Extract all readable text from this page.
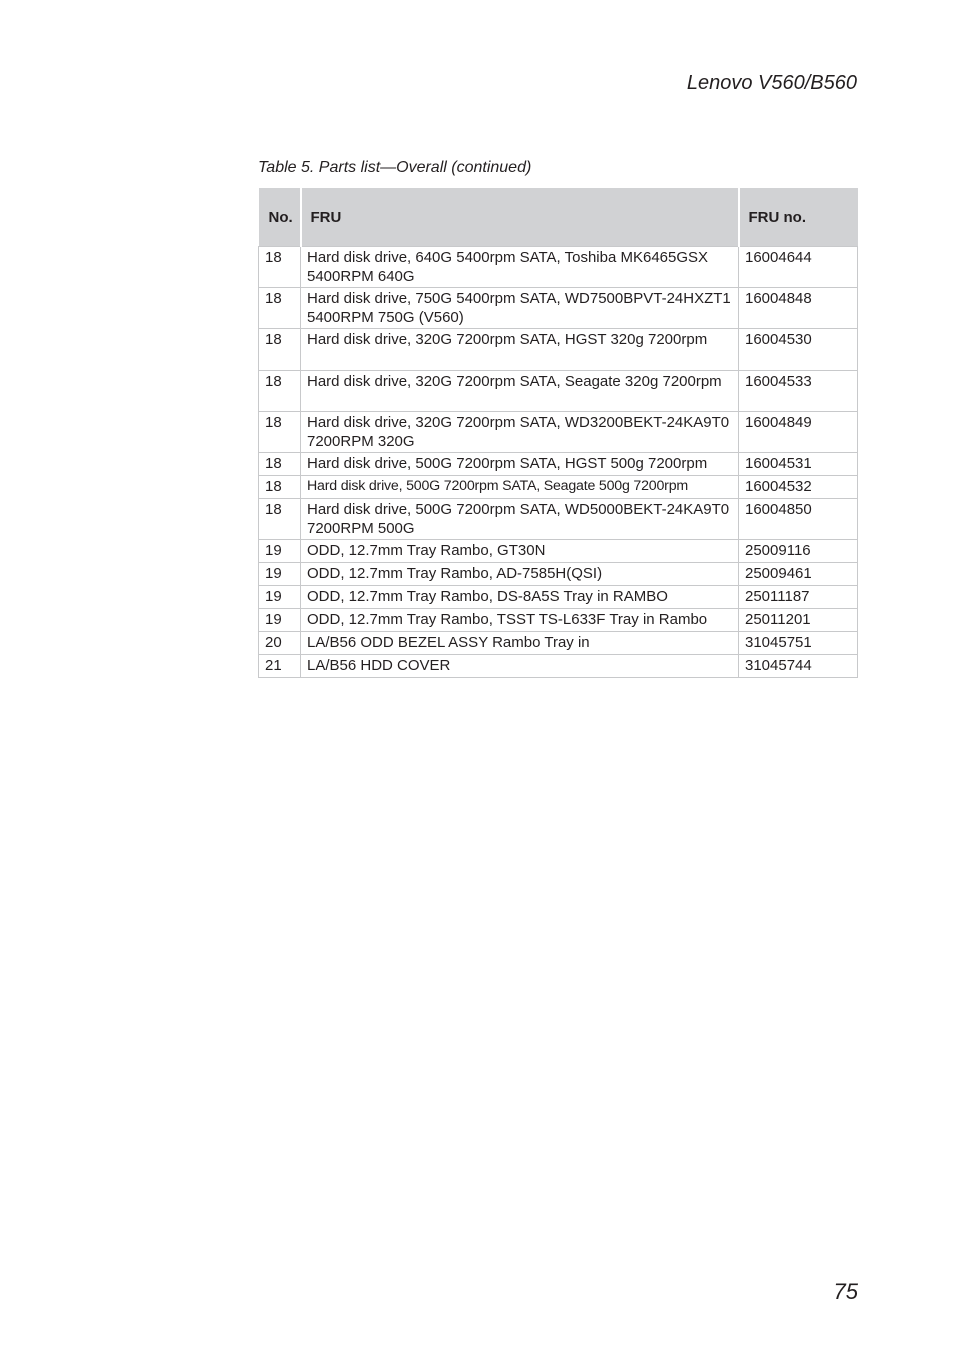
Lenovo V560/B560
Table 5. Parts list—Overall (continued)
No.	FRU	FRU no.
18	Hard disk drive, 640G 5400rpm SATA, Toshiba MK6465GSX 5400RPM 640G	16004644
18	Hard disk drive, 750G 5400rpm SATA, WD7500BPVT-24HXZT1 5400RPM 750G (V560)	16004848
18	Hard disk drive, 320G 7200rpm SATA, HGST 320g 7200rpm	16004530
18	Hard disk drive, 320G 7200rpm SATA, Seagate 320g 7200rpm	16004533
18	Hard disk drive, 320G 7200rpm SATA, WD3200BEKT-24KA9T0 7200RPM 320G	16004849
18	Hard disk drive, 500G 7200rpm SATA, HGST 500g 7200rpm	16004531
18	Hard disk drive, 500G 7200rpm SATA, Seagate 500g 7200rpm	16004532
18	Hard disk drive, 500G 7200rpm SATA, WD5000BEKT-24KA9T0 7200RPM 500G	16004850
19	ODD, 12.7mm Tray Rambo, GT30N	25009116
19	ODD, 12.7mm Tray Rambo, AD-7585H(QSI)	25009461
19	ODD, 12.7mm Tray Rambo, DS-8A5S Tray in RAMBO	25011187
19	ODD, 12.7mm Tray Rambo, TSST TS-L633F Tray in Rambo	25011201
20	LA/B56 ODD BEZEL ASSY Rambo Tray in	31045751
21	LA/B56 HDD COVER	31045744
75
